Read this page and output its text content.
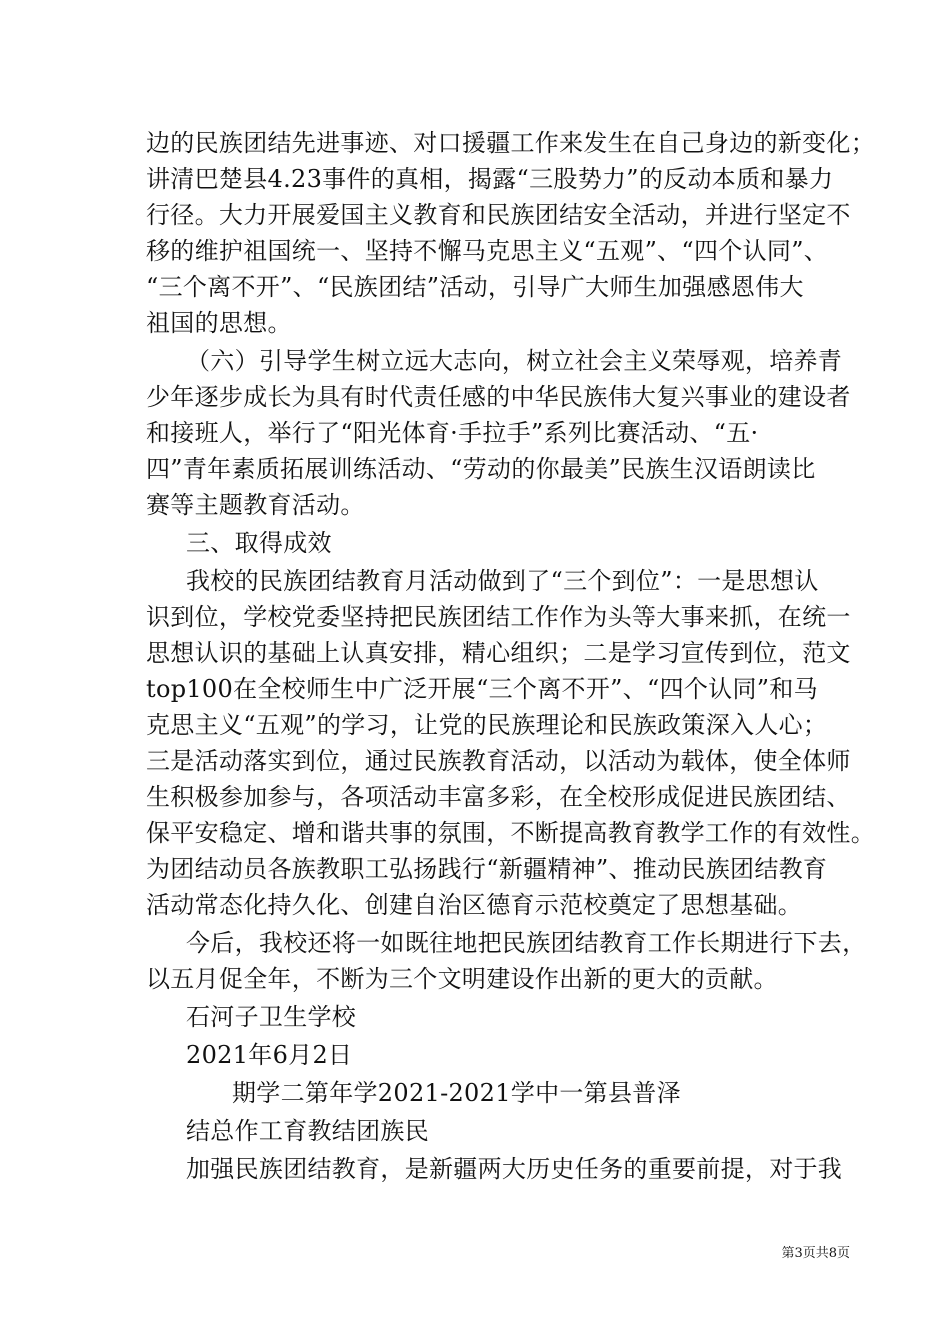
边的民族团结先进事迹、对口援疆工作来发生在自己身边的新变化；
讲清巴楚县4.23事件的真相，揭露“三股势力”的反动本质和暴力
行径。大力开展爱国主义教育和民族团结安全活动，并进行坚定不
移的维护祖国统一、坚持不懈马克思主义“五观”、“四个认同”、
“三个离不开”、“民族团结”活动，引导广大师生加强感恩伟大
祖国的思想。
（六）引导学生树立远大志向，树立社会主义荣辱观，培养青
少年逐步成长为具有时代责任感的中华民族伟大复兴事业的建设者
和接班人，举行了“阳光体育·手拉手”系列比赛活动、“五·
四”青年素质拓展训练活动、“劳动的你最美”民族生汉语朗读比
赛等主题教育活动。
三、取得成效
我校的民族团结教育月活动做到了“三个到位”：一是思想认
识到位，学校党委坚持把民族团结工作作为头等大事来抓，在统一
思想认识的基础上认真安排，精心组织；二是学习宣传到位，范文
top100在全校师生中广泛开展“三个离不开”、“四个认同”和马
克思主义“五观”的学习，让党的民族理论和民族政策深入人心；
三是活动落实到位，通过民族教育活动，以活动为载体，使全体师
生积极参加参与，各项活动丰富多彩，在全校形成促进民族团结、
保平安稳定、增和谐共事的氛围，不断提高教育教学工作的有效性。
为团结动员各族教职工弘扬践行“新疆精神”、推动民族团结教育
活动常态化持久化、创建自治区德育示范校奠定了思想基础。
今后，我校还将一如既往地把民族团结教育工作长期进行下去，
以五月促全年，不断为三个文明建设作出新的更大的贡献。
石河子卫生学校
2021年6月2日
期学二第年学2021-2021学中一第县普泽
结总作工育教结团族民
加强民族团结教育，是新疆两大历史任务的重要前提，对于我
第3页共8页
